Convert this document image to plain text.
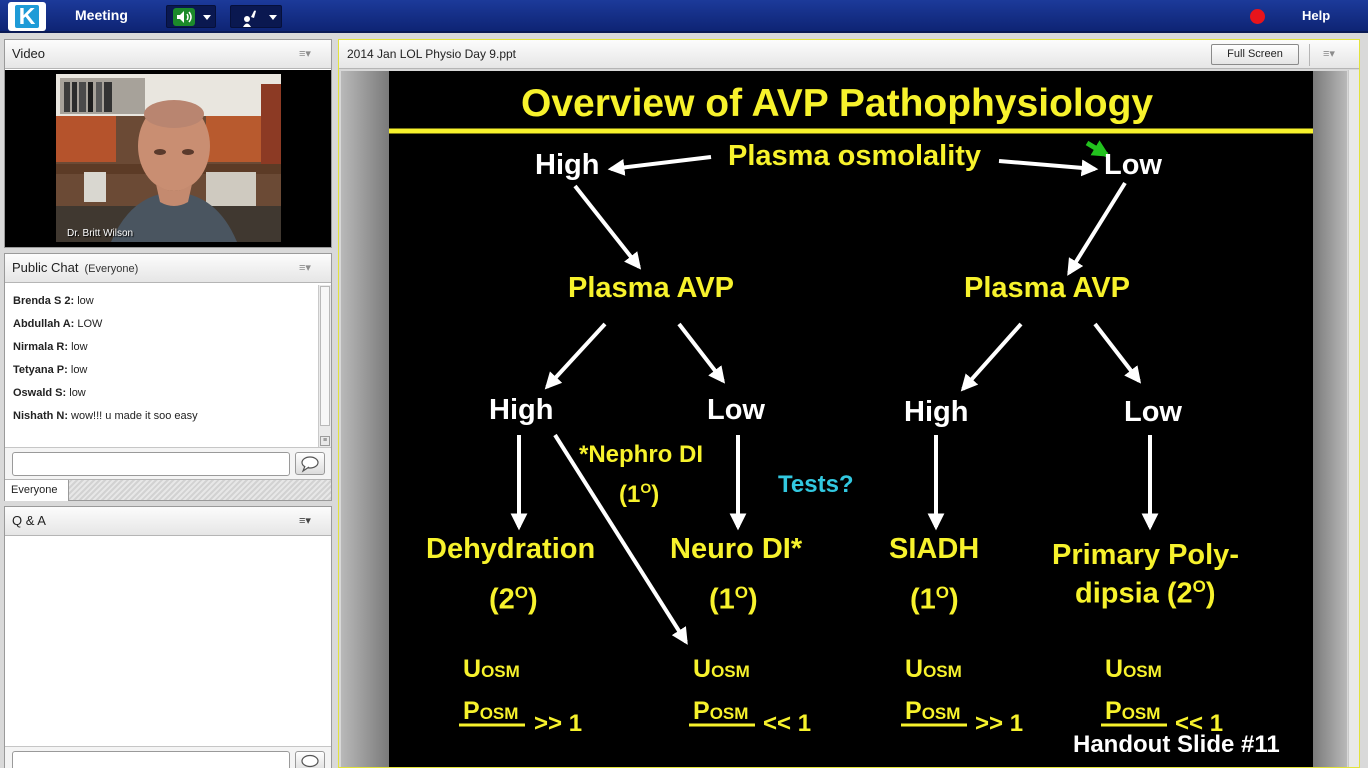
K	Meeting	Help
Video	≡▾
Dr. Britt Wilson
Public Chat (Everyone)	≡▾
Brenda S 2: low
Abdullah A: LOW
Nirmala R: low
Tetyana P: low
Oswald S: low
Nishath N: wow!!! u made it soo easy
≡
Everyone
Q & A	≡▾
2014 Jan LOL Physio Day 9.ppt	Full Screen	≡▾
Overview of AVP Pathophysiology
Plasma osmolality
High	Low
Plasma AVP	Plasma AVP
High	Low	High	Low
*Nephro DI
$(1^O)$	Tests?
Dehydration
$(2^O)$
Neuro DI*
$(1^O)$
SIADH
$(1^O)$
Primary Poly-
dipsia $(2^O)$
UOSM
POSM >> 1
UOSM
POSM << 1
UOSM
POSM >> 1
UOSM
POSM << 1
Handout Slide #11
